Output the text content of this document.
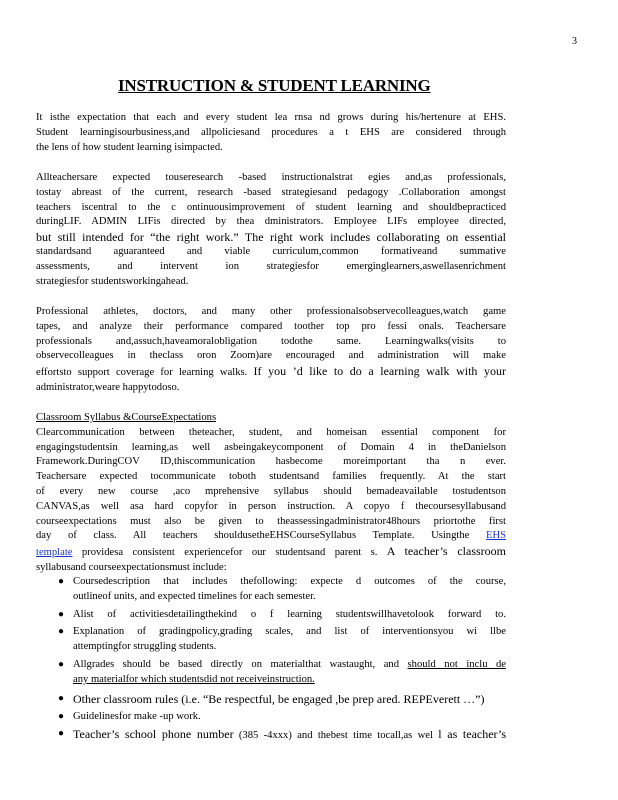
3
INSTRUCTION & STUDENT LEARNING
It isthe expectation that each and every student lea rnsa nd grows during his/hertenure at EHS.
Student learningisourbusiness,and allpoliciesand procedures a t EHS are considered through
the lens of how student learning isimpacted.
Allteachersare expected touseresearch -based instructionalstrat egies and,as professionals,
tostay abreast of the current, research -based strategiesand pedagogy .Collaboration amongst
teachers iscentral to the c ontinuousimprovement of student learning and shouldbepracticed
duringLIF. ADMIN LIFis directed by thea dministrators. Employee LIFs employee directed,
but still intended for “the right work.” The right work includes collaborating on essential
standardsand aguaranteed and viable curriculum,common formativeand summative
assessments, and intervent ion strategiesfor emerginglearners,aswellasenrichment
strategiesfor studentsworkingahead.
Professional athletes, doctors, and many other professionalsobservecolleagues,watch game
tapes, and analyze their performance compared toother top pro fessi onals. Teachersare
professionals and,assuch,haveamoralobligation todothe same. Learningwalks(visits to
observecolleagues in theclass oron Zoom)are encouraged and administration will make
effortsto support coverage for learning walks. If you ’d like to do a learning walk with your
administrator,weare happytodoso.
Classroom Syllabus &CourseExpectations
Clearcommunication between theteacher, student, and homeisan essential component for
engagingstudentsin learning,as well asbeingakeycomponent of Domain 4 in theDanielson
Framework.DuringCOV ID,thiscommunication hasbecome moreimportant tha n ever.
Teachersare expected tocommunicate toboth studentsand families frequently. At the start
of every new course ,aco mprehensive syllabus should bemadeavailable tostudentson
CANVAS,as well asa hard copyfor in person instruction. A copyo f thecoursesyllabusand
courseexpectations must also be given to theassessingadministrator48hours priortothe first
day of class. All teachers shouldusetheEHSCourseSyllabus Template. Usingthe EHS
template providesa consistent experiencefor our studentsand parent s. A teacher’s classroom
syllabusand courseexpectationsmust include:
● Coursedescription that includes thefollowing: expecte d outcomes of the course,
outlineof units, and expected timelines for each semester.
● Alist of activitiesdetailingthekind o f learning studentswillhavetolook forward to.
● Explanation of gradingpolicy,grading scales, and list of interventionsyou wi llbe
attemptingfor struggling students.
● Allgrades should be based directly on materialthat wastaught, and should not inclu de
any materialfor which studentsdid not receiveinstruction.
● Other classroom rules (i.e. “Be respectful, be engaged ,be prep ared. REPEverett …”)
● Guidelinesfor make -up work.
● Teacher’s school phone number (385 -4xxx) and thebest time tocall,as wel l as teacher’s
